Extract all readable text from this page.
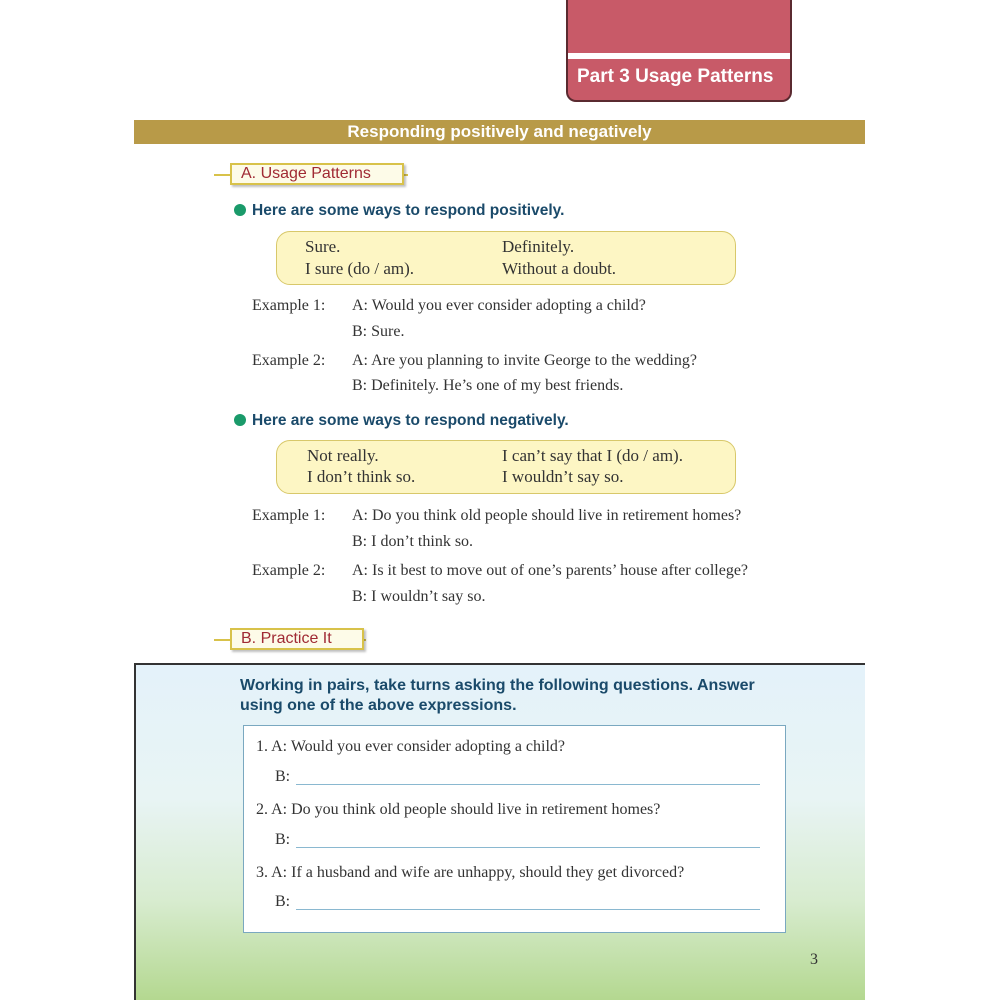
Part 3 Usage Patterns
Responding positively and negatively
A. Usage Patterns
Here are some ways to respond positively.
Sure.	Definitely.
I sure (do / am).	Without a doubt.
Example 1: A: Would you ever consider adopting a child?
B: Sure.
Example 2: A: Are you planning to invite George to the wedding?
B: Definitely. He’s one of my best friends.
Here are some ways to respond negatively.
Not really.	I can’t say that I (do / am).
I don’t think so.	I wouldn’t say so.
Example 1: A: Do you think old people should live in retirement homes?
B: I don’t think so.
Example 2: A: Is it best to move out of one’s parents’ house after college?
B: I wouldn’t say so.
B. Practice It
Working in pairs, take turns asking the following questions. Answer using one of the above expressions.
1. A: Would you ever consider adopting a child?
B:
2. A: Do you think old people should live in retirement homes?
B:
3. A: If a husband and wife are unhappy, should they get divorced?
B:
3
